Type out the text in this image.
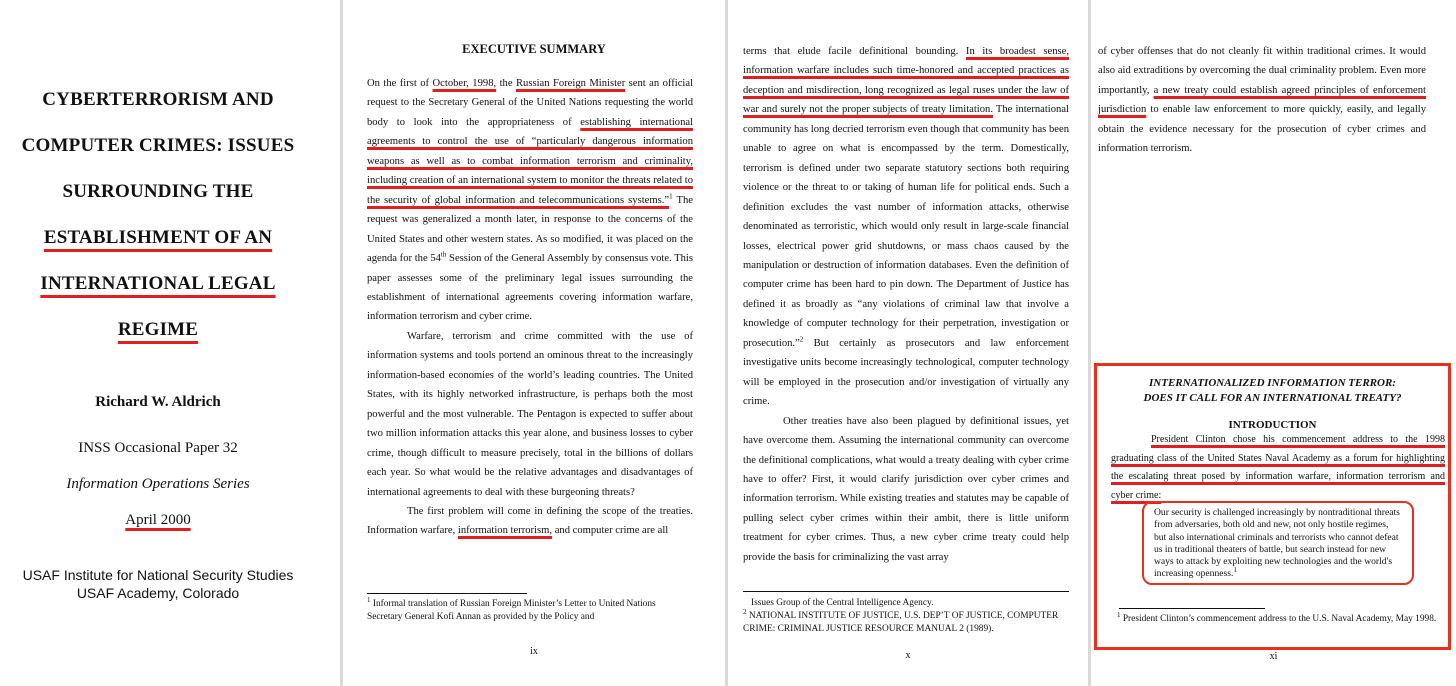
CYBERTERRORISM AND
COMPUTER CRIMES: ISSUES
SURROUNDING THE
ESTABLISHMENT OF AN
INTERNATIONAL LEGAL
REGIME
Richard W. Aldrich
INSS Occasional Paper 32
Information Operations Series
April 2000
USAF Institute for National Security Studies
USAF Academy, Colorado
EXECUTIVE SUMMARY

On the first of October, 1998, the Russian Foreign Minister sent an official request to the Secretary General of the United Nations requesting the world body to look into the appropriateness of establishing international agreements to control the use of “particularly dangerous information weapons as well as to combat information terrorism and criminality, including creation of an international system to monitor the threats related to the security of global information and telecommunications systems.”$^1$ The request was generalized a month later, in response to the concerns of the United States and other western states. As so modified, it was placed on the agenda for the 54th Session of the General Assembly by consensus vote. This paper assesses some of the preliminary legal issues surrounding the establishment of international agreements covering information warfare, information terrorism and cyber crime.

Warfare, terrorism and crime committed with the use of information systems and tools portend an ominous threat to the increasingly information-based economies of the world’s leading countries. The United States, with its highly networked infrastructure, is perhaps both the most powerful and the most vulnerable. The Pentagon is expected to suffer about two million information attacks this year alone, and business losses to cyber crime, though difficult to measure precisely, total in the billions of dollars each year. So what would be the relative advantages and disadvantages of international agreements to deal with these burgeoning threats?

The first problem will come in defining the scope of the treaties. Information warfare, information terrorism, and computer crime are all

$^1$ Informal translation of Russian Foreign Minister’s Letter to United Nations Secretary General Kofi Annan as provided by the Policy and
ix

terms that elude facile definitional bounding. In its broadest sense, information warfare includes such time-honored and accepted practices as deception and misdirection, long recognized as legal ruses under the law of war and surely not the proper subjects of treaty limitation. The international community has long decried terrorism even though that community has been unable to agree on what is encompassed by the term. Domestically, terrorism is defined under two separate statutory sections both requiring violence or the threat to or taking of human life for political ends. Such a definition excludes the vast number of information attacks, otherwise denominated as terroristic, which would only result in large-scale financial losses, electrical power grid shutdowns, or mass chaos caused by the manipulation or destruction of information databases. Even the definition of computer crime has been hard to pin down. The Department of Justice has defined it as broadly as “any violations of criminal law that involve a knowledge of computer technology for their perpetration, investigation or prosecution.”$^2$ But certainly as prosecutors and law enforcement investigative units become increasingly technological, computer technology will be employed in the prosecution and/or investigation of virtually any crime.

Other treaties have also been plagued by definitional issues, yet have overcome them. Assuming the international community can overcome the definitional complications, what would a treaty dealing with cyber crime have to offer? First, it would clarify jurisdiction over cyber crimes and information terrorism. While existing treaties and statutes may be capable of pulling select cyber crimes within their ambit, there is little uniform treatment for cyber crimes. Thus, a new cyber crime treaty could help provide the basis for criminalizing the vast array

Issues Group of the Central Intelligence Agency.
$^2$ NATIONAL INSTITUTE OF JUSTICE, U.S. DEP’T OF JUSTICE, COMPUTER CRIME: CRIMINAL JUSTICE RESOURCE MANUAL 2 (1989).
x

of cyber offenses that do not cleanly fit within traditional crimes. It would also aid extraditions by overcoming the dual criminality problem. Even more importantly, a new treaty could establish agreed principles of enforcement jurisdiction to enable law enforcement to more quickly, easily, and legally obtain the evidence necessary for the prosecution of cyber crimes and information terrorism.

INTERNATIONALIZED INFORMATION TERROR:
DOES IT CALL FOR AN INTERNATIONAL TREATY?
INTRODUCTION

President Clinton chose his commencement address to the 1998 graduating class of the United States Naval Academy as a forum for highlighting the escalating threat posed by information warfare, information terrorism and cyber crime:

Our security is challenged increasingly by nontraditional threats from adversaries, both old and new, not only hostile regimes, but also international criminals and terrorists who cannot defeat us in traditional theaters of battle, but search instead for new ways to attack by exploiting new technologies and the world's increasing openness.$^1$
$^1$ President Clinton’s commencement address to the U.S. Naval Academy, May 1998.
xi
